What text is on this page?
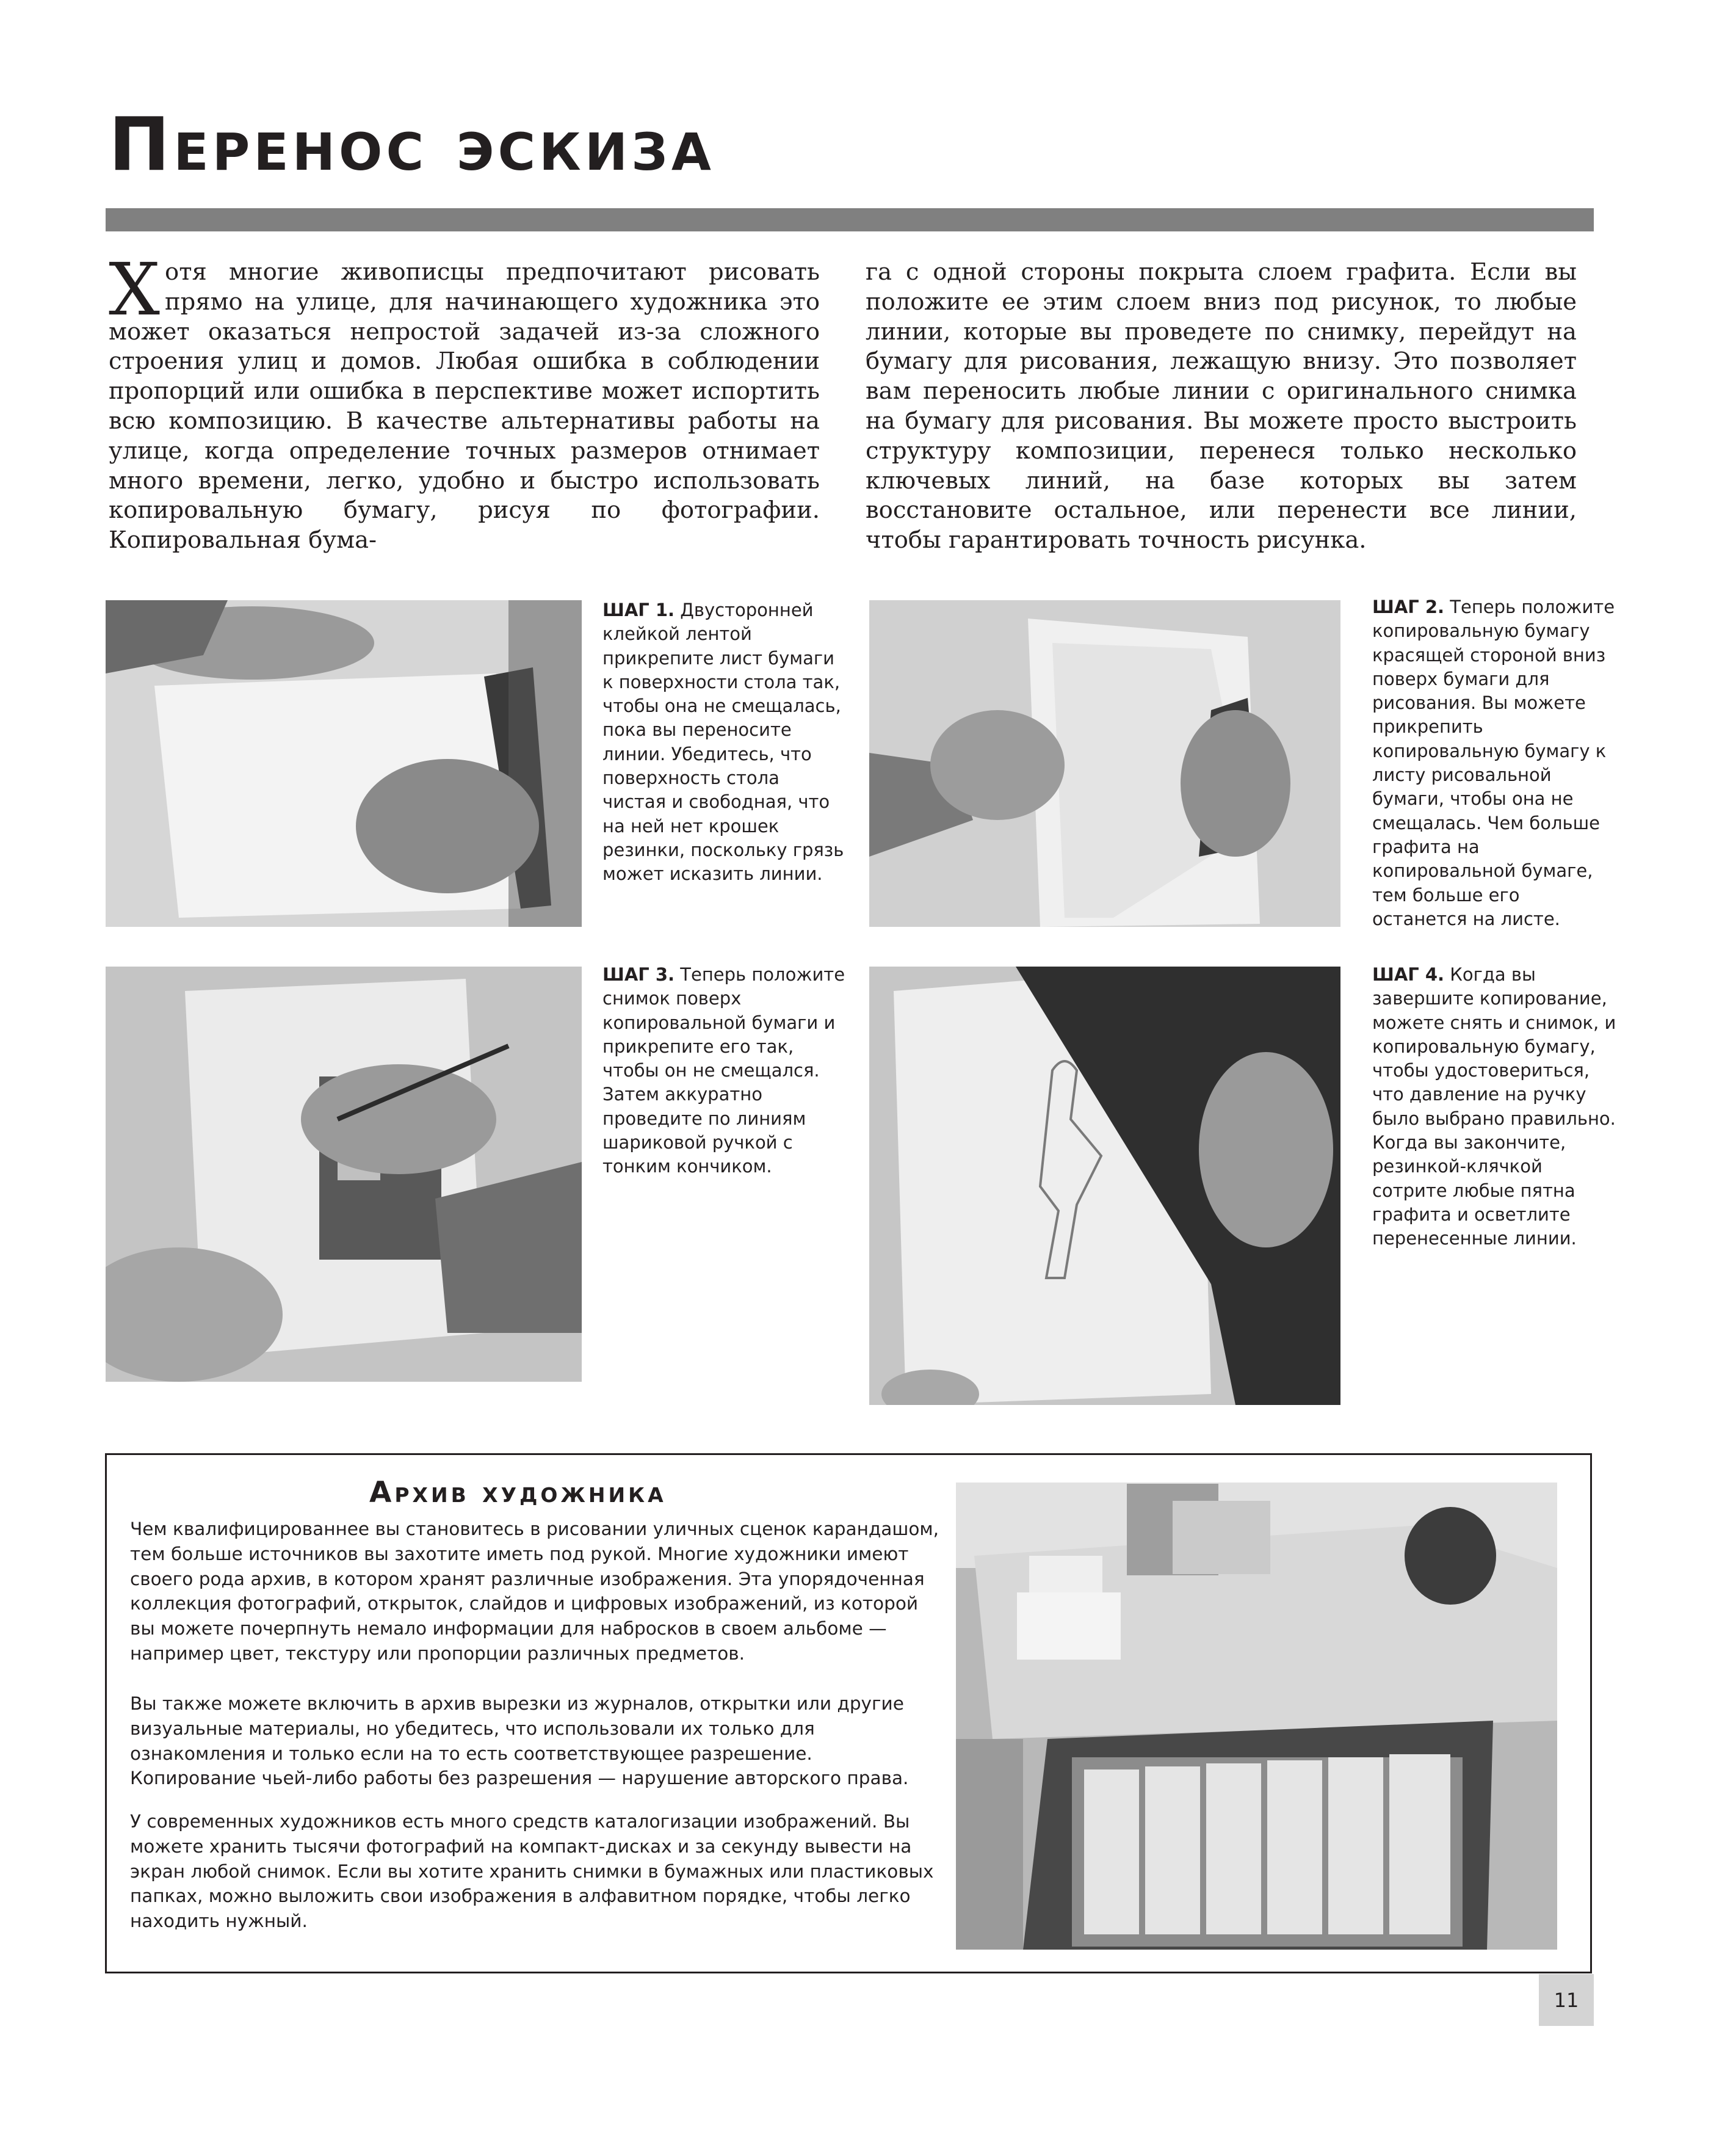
Перенос эскиза
Хотя многие живописцы предпочитают рисовать прямо на улице, для начинающего художника это может оказаться непростой задачей из-за сложного строения улиц и домов. Любая ошибка в соблюдении пропорций или ошибка в перспективе может испортить всю композицию. В качестве альтернативы работы на улице, когда определение точных размеров отнимает много времени, легко, удобно и быстро использовать копировальную бумагу, рисуя по фотографии. Копировальная бума-
га с одной стороны покрыта слоем графита. Если вы положите ее этим слоем вниз под рисунок, то любые линии, которые вы проведете по снимку, перейдут на бумагу для рисования, лежащую внизу. Это позволяет вам переносить любые линии с оригинального снимка на бумагу для рисования. Вы можете просто выстроить структуру композиции, перенеся только несколько ключевых линий, на базе которых вы затем восстановите остальное, или перенести все линии, чтобы гарантировать точность рисунка.
ШАГ 1. Двусторонней клейкой лентой прикрепите лист бумаги к поверхности стола так, чтобы она не смещалась, пока вы переносите линии. Убедитесь, что поверхность стола чистая и свободная, что на ней нет крошек резинки, поскольку грязь может исказить линии.
ШАГ 2. Теперь положите копировальную бумагу красящей стороной вниз поверх бумаги для рисования. Вы можете прикрепить копировальную бумагу к листу рисовальной бумаги, чтобы она не смещалась. Чем больше графита на копировальной бумаге, тем больше его останется на листе.
ШАГ 3. Теперь положите снимок поверх копировальной бумаги и прикрепите его так, чтобы он не смещался. Затем аккуратно проведите по линиям шариковой ручкой с тонким кончиком.
ШАГ 4. Когда вы завершите копирование, можете снять и снимок, и копировальную бумагу, чтобы удостовериться, что давление на ручку было выбрано правильно. Когда вы закончите, резинкой-клячкой сотрите любые пятна графита и осветлите перенесенные линии.
Архив художника

Чем квалифицированнее вы становитесь в рисовании уличных сценок карандашом, тем больше источников вы захотите иметь под рукой. Многие художники имеют своего рода архив, в котором хранят различные изображения. Эта упорядоченная коллекция фотографий, открыток, слайдов и цифровых изображений, из которой вы можете почерпнуть немало информации для набросков в своем альбоме — например цвет, текстуру или пропорции различных предметов.

Вы также можете включить в архив вырезки из журналов, открытки или другие визуальные материалы, но убедитесь, что использовали их только для ознакомления и только если на то есть соответствующее разрешение. Копирование чьей-либо работы без разрешения — нарушение авторского права.

У современных художников есть много средств каталогизации изображений. Вы можете хранить тысячи фотографий на компакт-дисках и за секунду вывести на экран любой снимок. Если вы хотите хранить снимки в бумажных или пластиковых папках, можно выложить свои изображения в алфавитном порядке, чтобы легко находить нужный.

11
